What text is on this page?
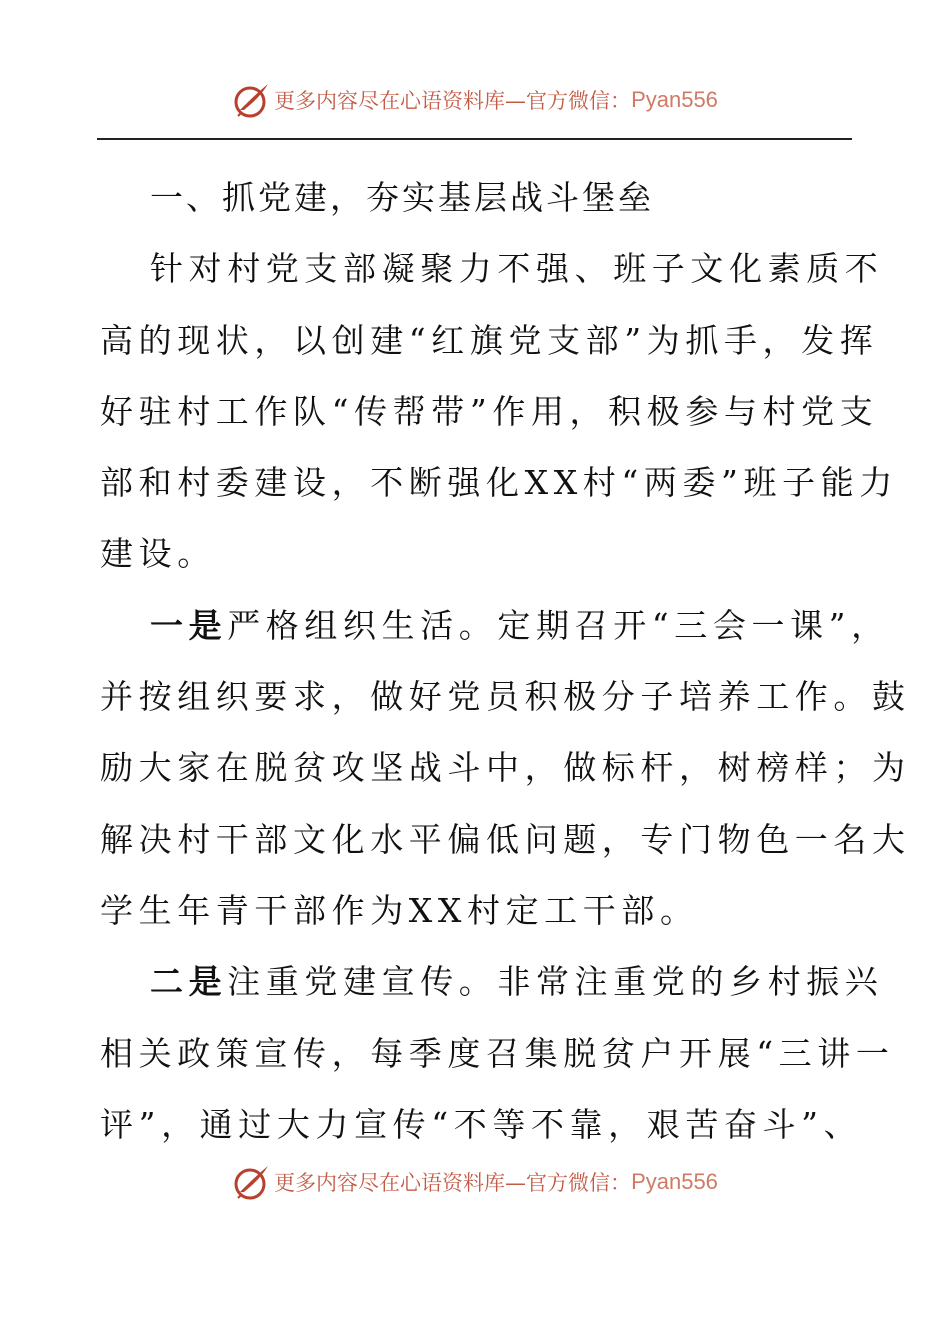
更多内容尽在心语资料库—官方微信： Pyan556
一、抓党建，夯实基层战斗堡垒
针对村党支部凝聚力不强、班子文化素质不
高的现状，以创建“红旗党支部”为抓手，发挥
好驻村工作队“传帮带”作用，积极参与村党支
部和村委建设，不断强化XX村“两委”班子能力
建设。
一是严格组织生活。定期召开“三会一课”，
并按组织要求，做好党员积极分子培养工作。鼓
励大家在脱贫攻坚战斗中，做标杆，树榜样；为
解决村干部文化水平偏低问题，专门物色一名大
学生年青干部作为XX村定工干部。
二是注重党建宣传。非常注重党的乡村振兴
相关政策宣传，每季度召集脱贫户开展“三讲一
评”，通过大力宣传“不等不靠，艰苦奋斗”、
更多内容尽在心语资料库—官方微信： Pyan556
